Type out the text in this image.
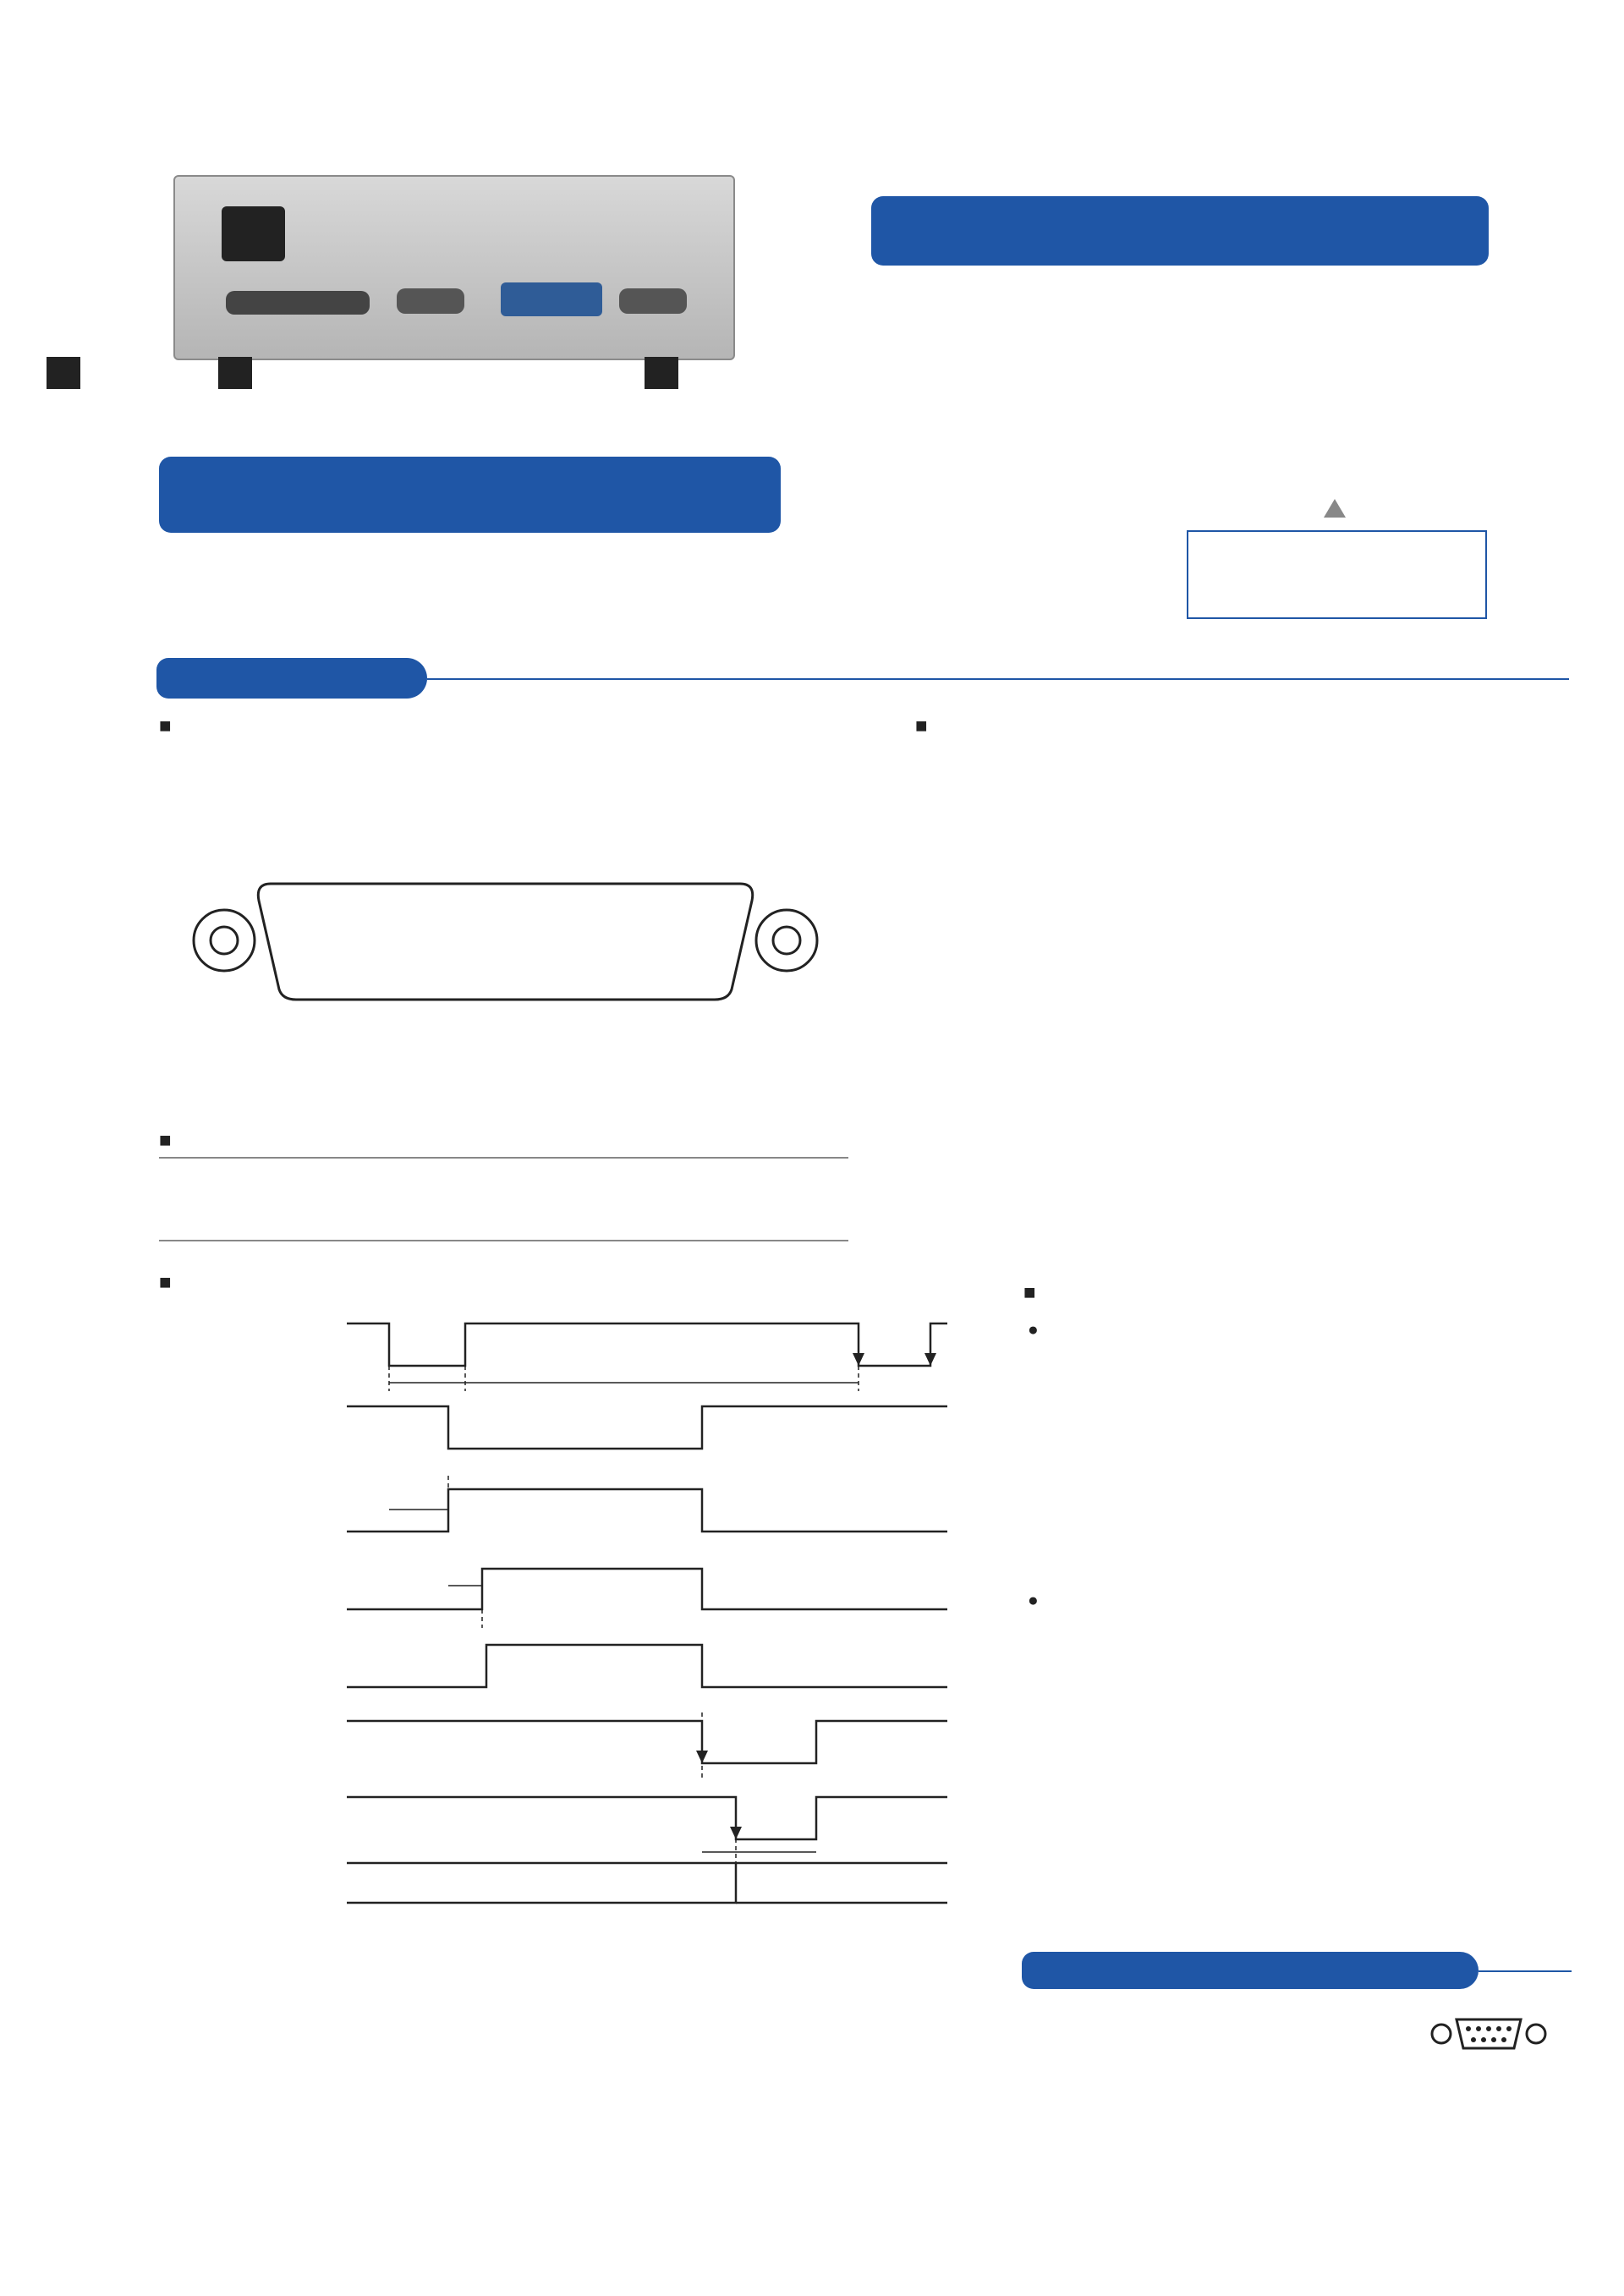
■
■
■
■
■
●
●
